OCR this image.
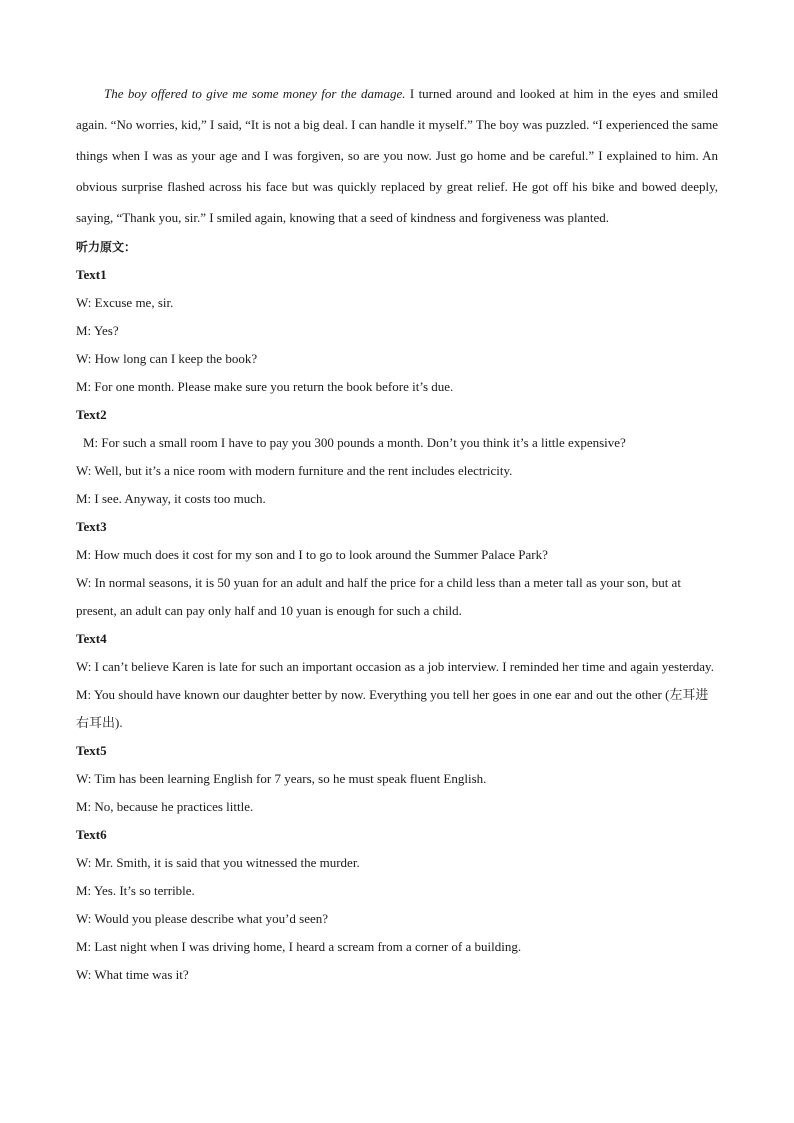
The boy offered to give me some money for the damage. I turned around and looked at him in the eyes and smiled again. “No worries, kid,” I said, “It is not a big deal. I can handle it myself.” The boy was puzzled. “I experienced the same things when I was as your age and I was forgiven, so are you now. Just go home and be careful.” I explained to him. An obvious surprise flashed across his face but was quickly replaced by great relief. He got off his bike and bowed deeply, saying, “Thank you, sir.” I smiled again, knowing that a seed of kindness and forgiveness was planted.

听力原文：
Text1
W: Excuse me, sir.
M: Yes?
W: How long can I keep the book?
M: For one month. Please make sure you return the book before it’s due.
Text2
M: For such a small room I have to pay you 300 pounds a month. Don’t you think it’s a little expensive?
W: Well, but it’s a nice room with modern furniture and the rent includes electricity.
M: I see. Anyway, it costs too much.
Text3
M: How much does it cost for my son and I to go to look around the Summer Palace Park?
W: In normal seasons, it is 50 yuan for an adult and half the price for a child less than a meter tall as your son, but at present, an adult can pay only half and 10 yuan is enough for such a child.
Text4
W: I can’t believe Karen is late for such an important occasion as a job interview. I reminded her time and again yesterday.
M: You should have known our daughter better by now. Everything you tell her goes in one ear and out the other (左耳进右耳出).
Text5
W: Tim has been learning English for 7 years, so he must speak fluent English.
M: No, because he practices little.
Text6
W: Mr. Smith, it is said that you witnessed the murder.
M: Yes. It’s so terrible.
W: Would you please describe what you’d seen?
M: Last night when I was driving home, I heard a scream from a corner of a building.
W: What time was it?
